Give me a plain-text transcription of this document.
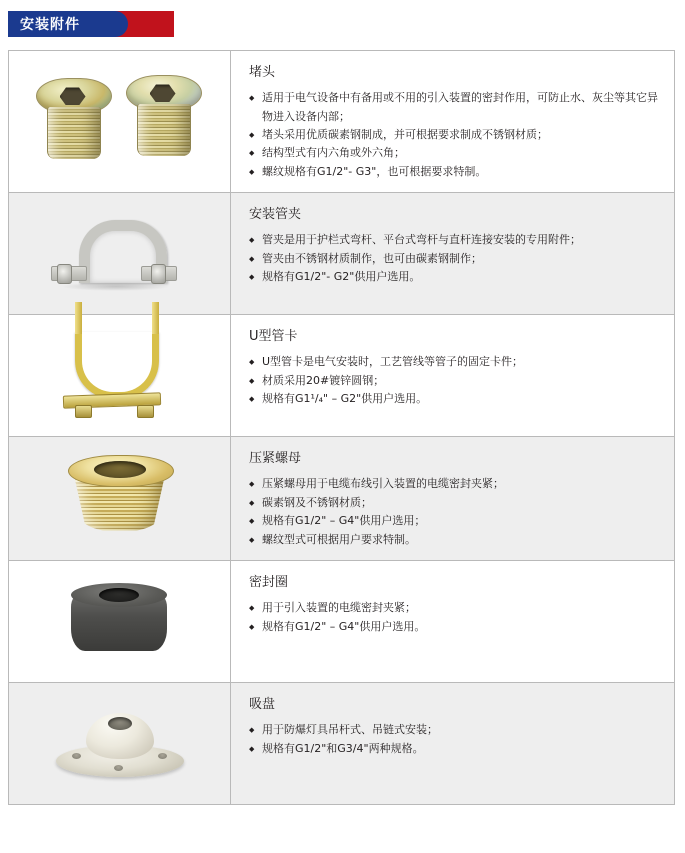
安装附件
堵头
◆ 适用于电气设备中有备用或不用的引入装置的密封作用，可防止水、灰尘等其它异
物进入设备内部；
◆ 堵头采用优质碳素钢制成，并可根据要求制成不锈钢材质；
◆ 结构型式有内六角或外六角；
◆ 螺纹规格有G1/2"- G3"，也可根据要求特制。
安装管夹
◆ 管夹是用于护栏式弯杆、平台式弯杆与直杆连接安装的专用附件；
◆ 管夹由不锈钢材质制作，也可由碳素钢制作；
◆ 规格有G1/2"- G2"供用户选用。
U型管卡
◆ U型管卡是电气安装时，工艺管线等管子的固定卡件；
◆ 材质采用20#镀锌圆钢；
◆ 规格有G1¹/₄" – G2"供用户选用。
压紧螺母
◆ 压紧螺母用于电缆布线引入装置的电缆密封夹紧；
◆ 碳素钢及不锈钢材质；
◆ 规格有G1/2" – G4"供用户选用；
◆ 螺纹型式可根据用户要求特制。
密封圈
◆ 用于引入装置的电缆密封夹紧；
◆ 规格有G1/2" – G4"供用户选用。
吸盘
◆ 用于防爆灯具吊杆式、吊链式安装；
◆ 规格有G1/2"和G3/4"两种规格。
